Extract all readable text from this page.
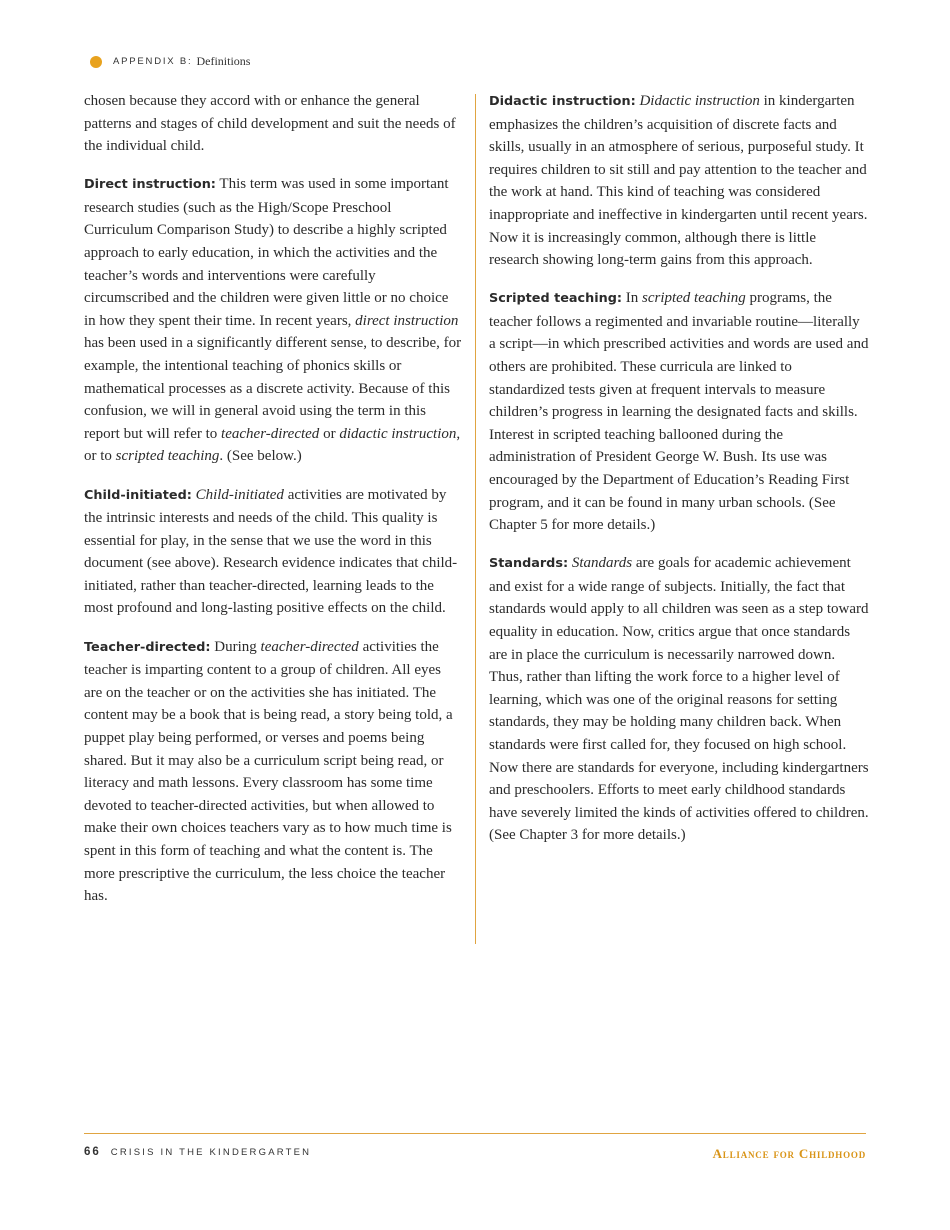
APPENDIX B: Definitions

chosen because they accord with or enhance the general patterns and stages of child development and suit the needs of the individual child.

Direct instruction: This term was used in some important research studies (such as the High/Scope Preschool Curriculum Comparison Study) to describe a highly scripted approach to early education, in which the activities and the teacher’s words and interventions were carefully circumscribed and the children were given little or no choice in how they spent their time. In recent years, direct instruction has been used in a significantly different sense, to describe, for example, the intentional teaching of phonics skills or mathematical processes as a discrete activity. Because of this confusion, we will in general avoid using the term in this report but will refer to teacher-directed or didactic instruction, or to scripted teaching. (See below.)

Child-initiated: Child-initiated activities are motivated by the intrinsic interests and needs of the child. This quality is essential for play, in the sense that we use the word in this document (see above). Research evidence indicates that child-initiated, rather than teacher-directed, learning leads to the most profound and long-lasting positive effects on the child.

Teacher-directed: During teacher-directed activities the teacher is imparting content to a group of children. All eyes are on the teacher or on the activities she has initiated. The content may be a book that is being read, a story being told, a puppet play being performed, or verses and poems being shared. But it may also be a curriculum script being read, or literacy and math lessons. Every classroom has some time devoted to teacher-directed activities, but when allowed to make their own choices teachers vary as to how much time is spent in this form of teaching and what the content is. The more prescriptive the curriculum, the less choice the teacher has.

Didactic instruction: Didactic instruction in kindergarten emphasizes the children’s acquisition of discrete facts and skills, usually in an atmosphere of serious, purposeful study. It requires children to sit still and pay attention to the teacher and the work at hand. This kind of teaching was considered inappropriate and ineffective in kindergarten until recent years. Now it is increasingly common, although there is little research showing long-term gains from this approach.

Scripted teaching: In scripted teaching programs, the teacher follows a regimented and invariable routine—literally a script—in which prescribed activities and words are used and others are prohibited. These curricula are linked to standardized tests given at frequent intervals to measure children’s progress in learning the designated facts and skills. Interest in scripted teaching ballooned during the administration of President George W. Bush. Its use was encouraged by the Department of Education’s Reading First program, and it can be found in many urban schools. (See Chapter 5 for more details.)

Standards: Standards are goals for academic achievement and exist for a wide range of subjects. Initially, the fact that standards would apply to all children was seen as a step toward equality in education. Now, critics argue that once standards are in place the curriculum is necessarily narrowed down. Thus, rather than lifting the work force to a higher level of learning, which was one of the original reasons for setting standards, they may be holding many children back. When standards were first called for, they focused on high school. Now there are standards for everyone, including kindergartners and preschoolers. Efforts to meet early childhood standards have severely limited the kinds of activities offered to children. (See Chapter 3 for more details.)

66 CRISIS IN THE KINDERGARTEN	Alliance for Childhood
